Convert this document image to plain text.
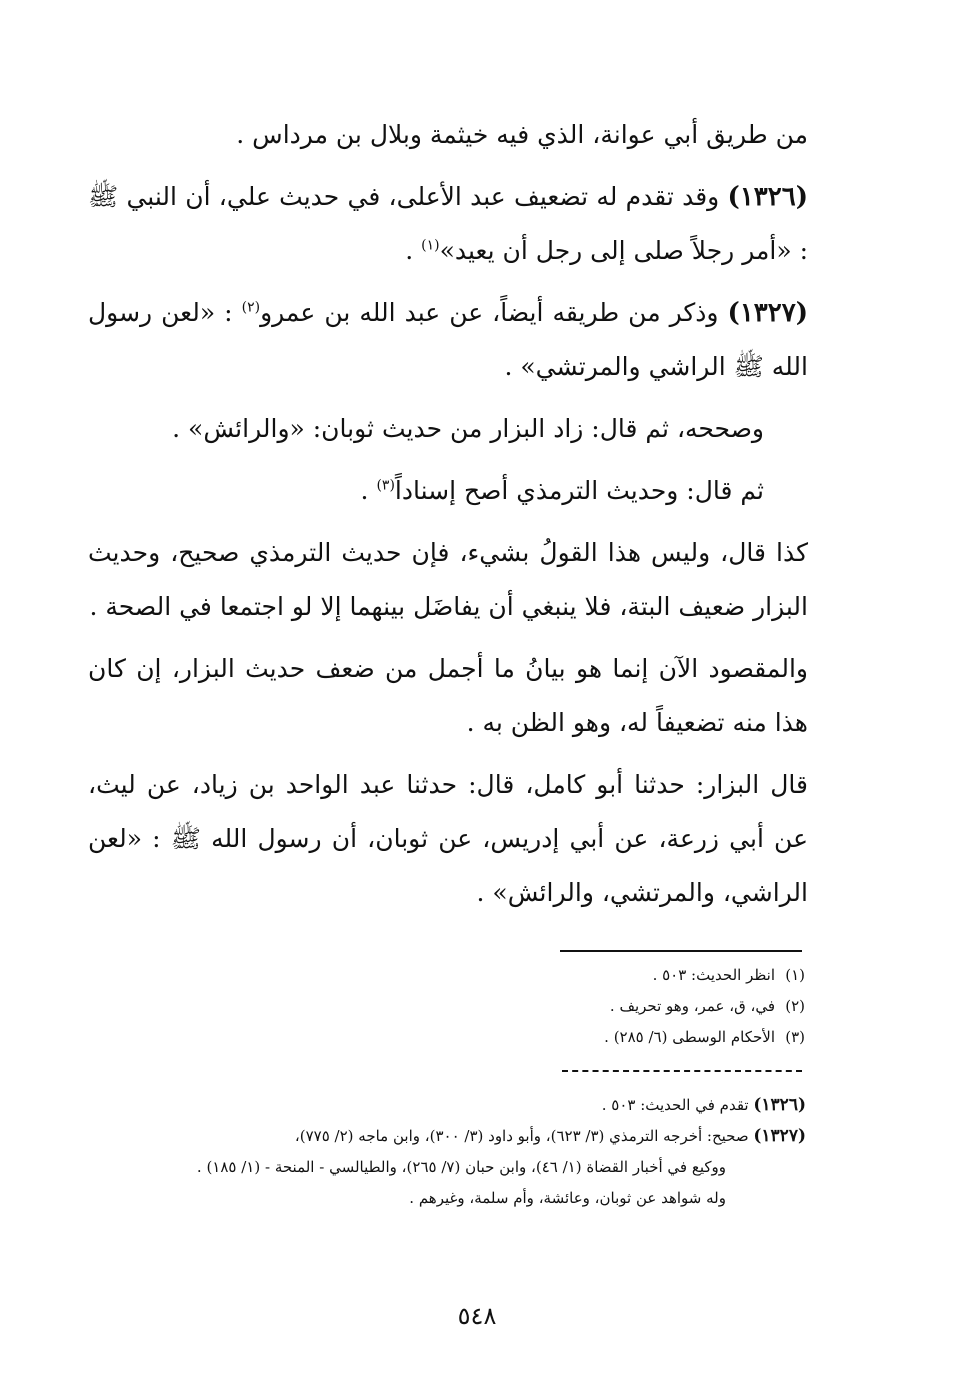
من طريق أبي عوانة، الذي فيه خيثمة وبلال بن مرداس .

(١٣٢٦) وقد تقدم له تضعيف عبد الأعلى، في حديث علي، أن النبي ﷺ : «أمر رجلاً صلى إلى رجل أن يعيد»$^{(١)}$ .

(١٣٢٧) وذكر من طريقه أيضاً، عن عبد الله بن عمرو$^{(٢)}$ : «لعن رسول الله ﷺ الراشي والمرتشي» .

وصححه، ثم قال: زاد البزار من حديث ثوبان: «والرائش» .

ثم قال: وحديث الترمذي أصح إسناداً$^{(٣)}$ .

كذا قال، وليس هذا القولُ بشيء، فإن حديث الترمذي صحيح، وحديث البزار ضعيف البتة، فلا ينبغي أن يفاضَل بينهما إلا لو اجتمعا في الصحة .

والمقصود الآن إنما هو بيانُ ما أجمل من ضعف حديث البزار، إن كان هذا منه تضعيفاً له، وهو الظن به .

قال البزار: حدثنا أبو كامل، قال: حدثنا عبد الواحد بن زياد، عن ليث، عن أبي زرعة، عن أبي إدريس، عن ثوبان، أن رسول الله ﷺ : «لعن الراشي، والمرتشي، والرائش» .

(١)انظر الحديث: ٥٠٣ .
(٢)في، ق، عمر، وهو تحريف .
(٣)الأحكام الوسطى (٦/ ٢٨٥) .

(١٣٢٦) تقدم في الحديث: ٥٠٣ .

(١٣٢٧) صحيح: أخرجه الترمذي (٣/ ٦٢٣)، وأبو داود (٣/ ٣٠٠)، وابن ماجه (٢/ ٧٧٥)،

ووكيع في أخبار القضاة (١/ ٤٦)، وابن حبان (٧/ ٢٦٥)، والطيالسي - المنحة - (١/ ١٨٥) .

وله شواهد عن ثوبان، وعائشة، وأم سلمة، وغيرهم .

٥٤٨
